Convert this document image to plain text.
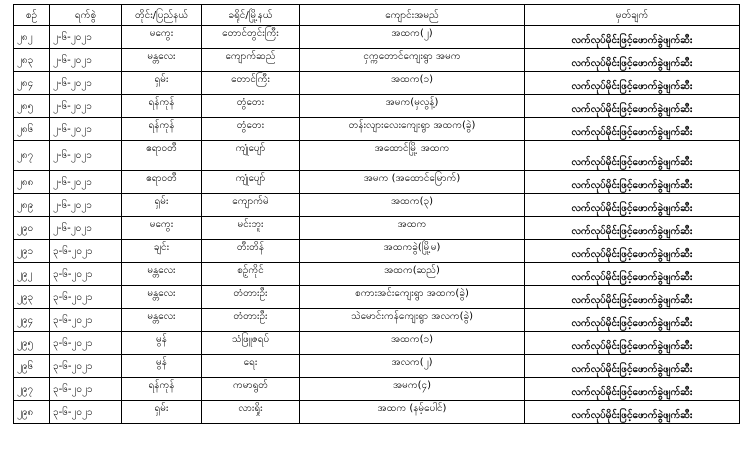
စဉ်	ရက်စွဲ	တိုင်း/ပြည်နယ်	ခရိုင်/မြို့နယ်	ကျောင်းအမည်	မှတ်ချက်
၂၈၂	၂-၆-၂၀၂၁	မကွေး	တောင်တွင်းကြီး	အထက(၂)	လက်လုပ်မိုင်းဖြင့်ဖောက်ခွဲဖျက်ဆီး
၂၈၃	၂-၆-၂၀၂၁	မန္တလေး	ကျောက်ဆည်	ငှက္ကတောင်ကျေးရွာ အမက	လက်လုပ်မိုင်းဖြင့်ဖောက်ခွဲဖျက်ဆီး
၂၈၄	၂-၆-၂၀၂၁	ရှမ်း	တောင်ကြီး	အထက(၁)	လက်လုပ်မိုင်းဖြင့်ဖောက်ခွဲဖျက်ဆီး
၂၈၅	၂-၆-၂၀၂၁	ရန်ကုန်	တွံတေး	အမက(မှလွန့်)	လက်လုပ်မိုင်းဖြင့်ဖောက်ခွဲဖျက်ဆီး
၂၈၆	၂-၆-၂၀၂၁	ရန်ကုန်	တွံတေး	တန်းလျားလေးကျေးရွာ အထက(ခွဲ)	လက်လုပ်မိုင်းဖြင့်ဖောက်ခွဲဖျက်ဆီး
၂၈၇	၂-၆-၂၀၂၁	ဧရာဝတီ	ကျုံပျော်	အထောင်မြို့ အထက	လက်လုပ်မိုင်းဖြင့်ဖောက်ခွဲဖျက်ဆီး
၂၈၈	၂-၆-၂၀၂၁	ဧရာဝတီ	ကျုံပျော်	အမက (အထောင်မြောက်)	လက်လုပ်မိုင်းဖြင့်ဖောက်ခွဲဖျက်ဆီး
၂၈၉	၂-၆-၂၀၂၁	ရှမ်း	ကျောက်မဲ	အထက(၃)	လက်လုပ်မိုင်းဖြင့်ဖောက်ခွဲဖျက်ဆီး
၂၉၀	၂-၆-၂၀၂၁	မကွေး	မင်းဘူး	အထက	လက်လုပ်မိုင်းဖြင့်ဖောက်ခွဲဖျက်ဆီး
၂၉၁	၃-၆-၂၀၂၁	ချင်း	တီးတိန်	အထကခွဲ(မြို့မ)	လက်လုပ်မိုင်းဖြင့်ဖောက်ခွဲဖျက်ဆီး
၂၉၂	၃-၆-၂၀၂၁	မန္တလေး	စဉ့်ကိုင်	အထက(ဆည်)	လက်လုပ်မိုင်းဖြင့်ဖောက်ခွဲဖျက်ဆီး
၂၉၃	၃-၆-၂၀၂၁	မန္တလေး	တံတားဦး	စကားအင်းကျေးရွာ အထက(ခွဲ)	လက်လုပ်မိုင်းဖြင့်ဖောက်ခွဲဖျက်ဆီး
၂၉၄	၃-၆-၂၀၂၁	မန္တလေး	တံတားဦး	သဲမောင်းကန်ကျေးရွာ အလက(ခွဲ)	လက်လုပ်မိုင်းဖြင့်ဖောက်ခွဲဖျက်ဆီး
၂၉၅	၃-၆-၂၀၂၁	မွန်	သံဖြူဇရပ်	အထက(၁)	လက်လုပ်မိုင်းဖြင့်ဖောက်ခွဲဖျက်ဆီး
၂၉၆	၃-၆-၂၀၂၁	မွန်	ရေး	အလက(၂)	လက်လုပ်မိုင်းဖြင့်ဖောက်ခွဲဖျက်ဆီး
၂၉၇	၃-၆-၂၀၂၁	ရန်ကုန်	ကမာရွတ်	အမက(၄)	လက်လုပ်မိုင်းဖြင့်ဖောက်ခွဲဖျက်ဆီး
၂၉၈	၃-၆-၂၀၂၁	ရှမ်း	လားရှိုး	အထက (နမ့်ပေါင်)	လက်လုပ်မိုင်းဖြင့်ဖောက်ခွဲဖျက်ဆီး
